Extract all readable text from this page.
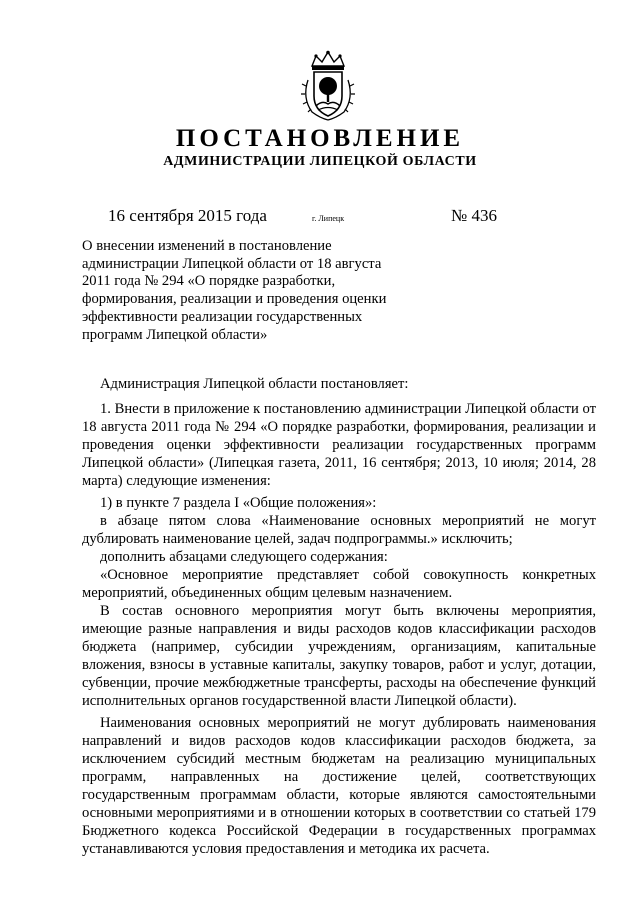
ПОСТАНОВЛЕНИЕ
АДМИНИСТРАЦИИ ЛИПЕЦКОЙ ОБЛАСТИ
16 сентября 2015 года	г. Липецк	№ 436
О внесении изменений в постановление
администрации Липецкой области от 18 августа
2011 года № 294 «О порядке разработки,
формирования, реализации и проведения оценки
эффективности реализации государственных
программ Липецкой области»
Администрация Липецкой области постановляет:

1. Внести в приложение к постановлению администрации Липецкой области от 18 августа 2011 года № 294 «О порядке разработки, формирования, реализации и проведения оценки эффективности реализации государственных программ Липецкой области» (Липецкая газета, 2011, 16 сентября; 2013, 10 июля; 2014, 28 марта) следующие изменения:

1) в пункте 7 раздела I «Общие положения»:

в абзаце пятом слова «Наименование основных мероприятий не могут дублировать наименование целей, задач подпрограммы.» исключить;

дополнить абзацами следующего содержания:

«Основное мероприятие представляет собой совокупность конкретных мероприятий, объединенных общим целевым назначением.

В состав основного мероприятия могут быть включены мероприятия, имеющие разные направления и виды расходов кодов классификации расходов бюджета (например, субсидии учреждениям, организациям, капитальные вложения, взносы в уставные капиталы, закупку товаров, работ и услуг, дотации, субвенции, прочие межбюджетные трансферты, расходы на обеспечение функций исполнительных органов государственной власти Липецкой области).

Наименования основных мероприятий не могут дублировать наименования направлений и видов расходов кодов классификации расходов бюджета, за исключением субсидий местным бюджетам на реализацию муниципальных программ, направленных на достижение целей, соответствующих государственным программам области, которые являются самостоятельными основными мероприятиями и в отношении которых в соответствии со статьей 179 Бюджетного кодекса Российской Федерации в государственных программах устанавливаются условия предоставления и методика их расчета.
